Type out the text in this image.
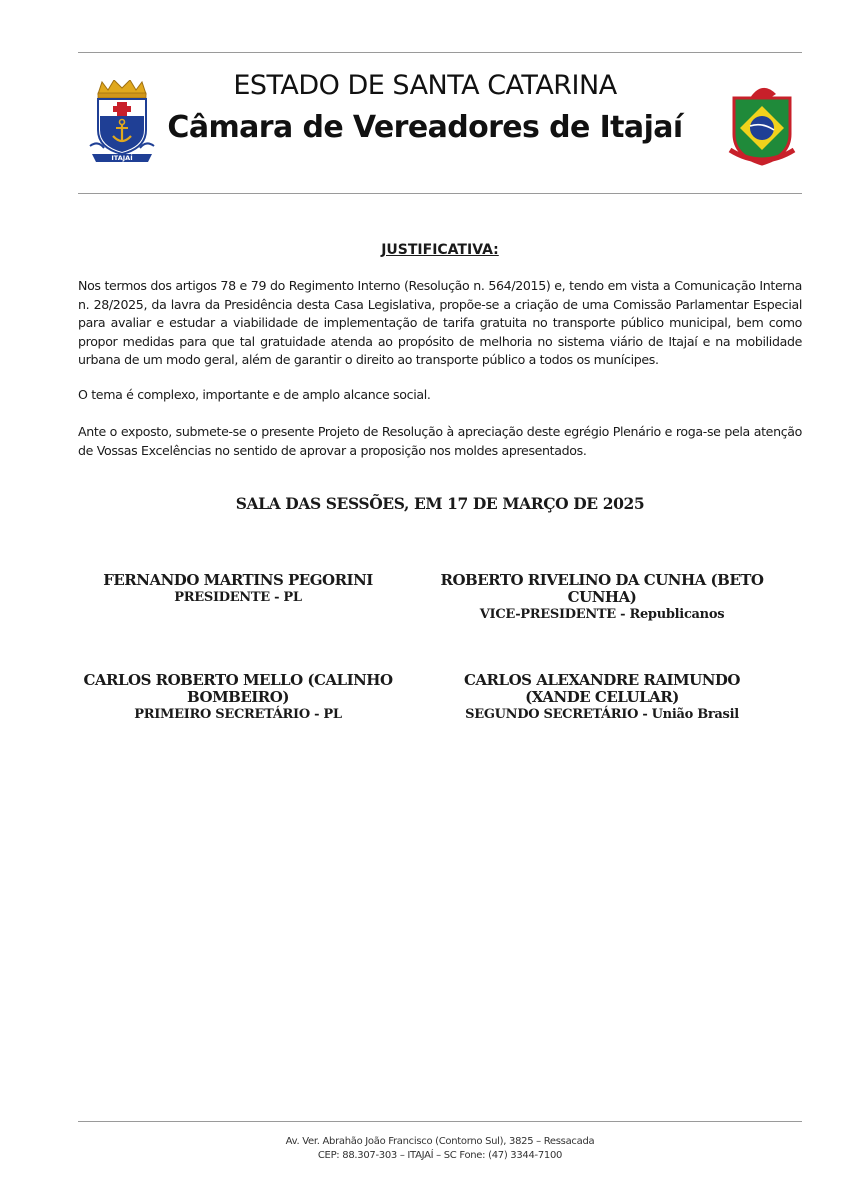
ITAJAÍ
ESTADO DE SANTA CATARINA
Câmara de Vereadores de Itajaí
JUSTIFICATIVA:
Nos termos dos artigos 78 e 79 do Regimento Interno (Resolução n. 564/2015) e, tendo em vista a Comunicação Interna n. 28/2025, da lavra da Presidência desta Casa Legislativa, propõe-se a criação de uma Comissão Parlamentar Especial para avaliar e estudar a viabilidade de implementação de tarifa gratuita no transporte público municipal, bem como propor medidas para que tal gratuidade atenda ao propósito de melhoria no sistema viário de Itajaí e na mobilidade urbana de um modo geral, além de garantir o direito ao transporte público a todos os munícipes.
O tema é complexo, importante e de amplo alcance social.
Ante o exposto, submete-se o presente Projeto de Resolução à apreciação deste egrégio Plenário e roga-se pela atenção de Vossas Excelências no sentido de aprovar a proposição nos moldes apresentados.
SALA DAS SESSÕES, EM 17 DE MARÇO DE 2025
FERNANDO MARTINS PEGORINI
PRESIDENTE - PL
ROBERTO RIVELINO DA CUNHA (BETO CUNHA)
VICE-PRESIDENTE - Republicanos
CARLOS ROBERTO MELLO (CALINHO BOMBEIRO)
PRIMEIRO SECRETÁRIO - PL
CARLOS ALEXANDRE RAIMUNDO (XANDE CELULAR)
SEGUNDO SECRETÁRIO - União Brasil
Av. Ver. Abrahão João Francisco (Contorno Sul), 3825 – Ressacada
CEP: 88.307-303 – ITAJAÍ – SC Fone: (47) 3344-7100
